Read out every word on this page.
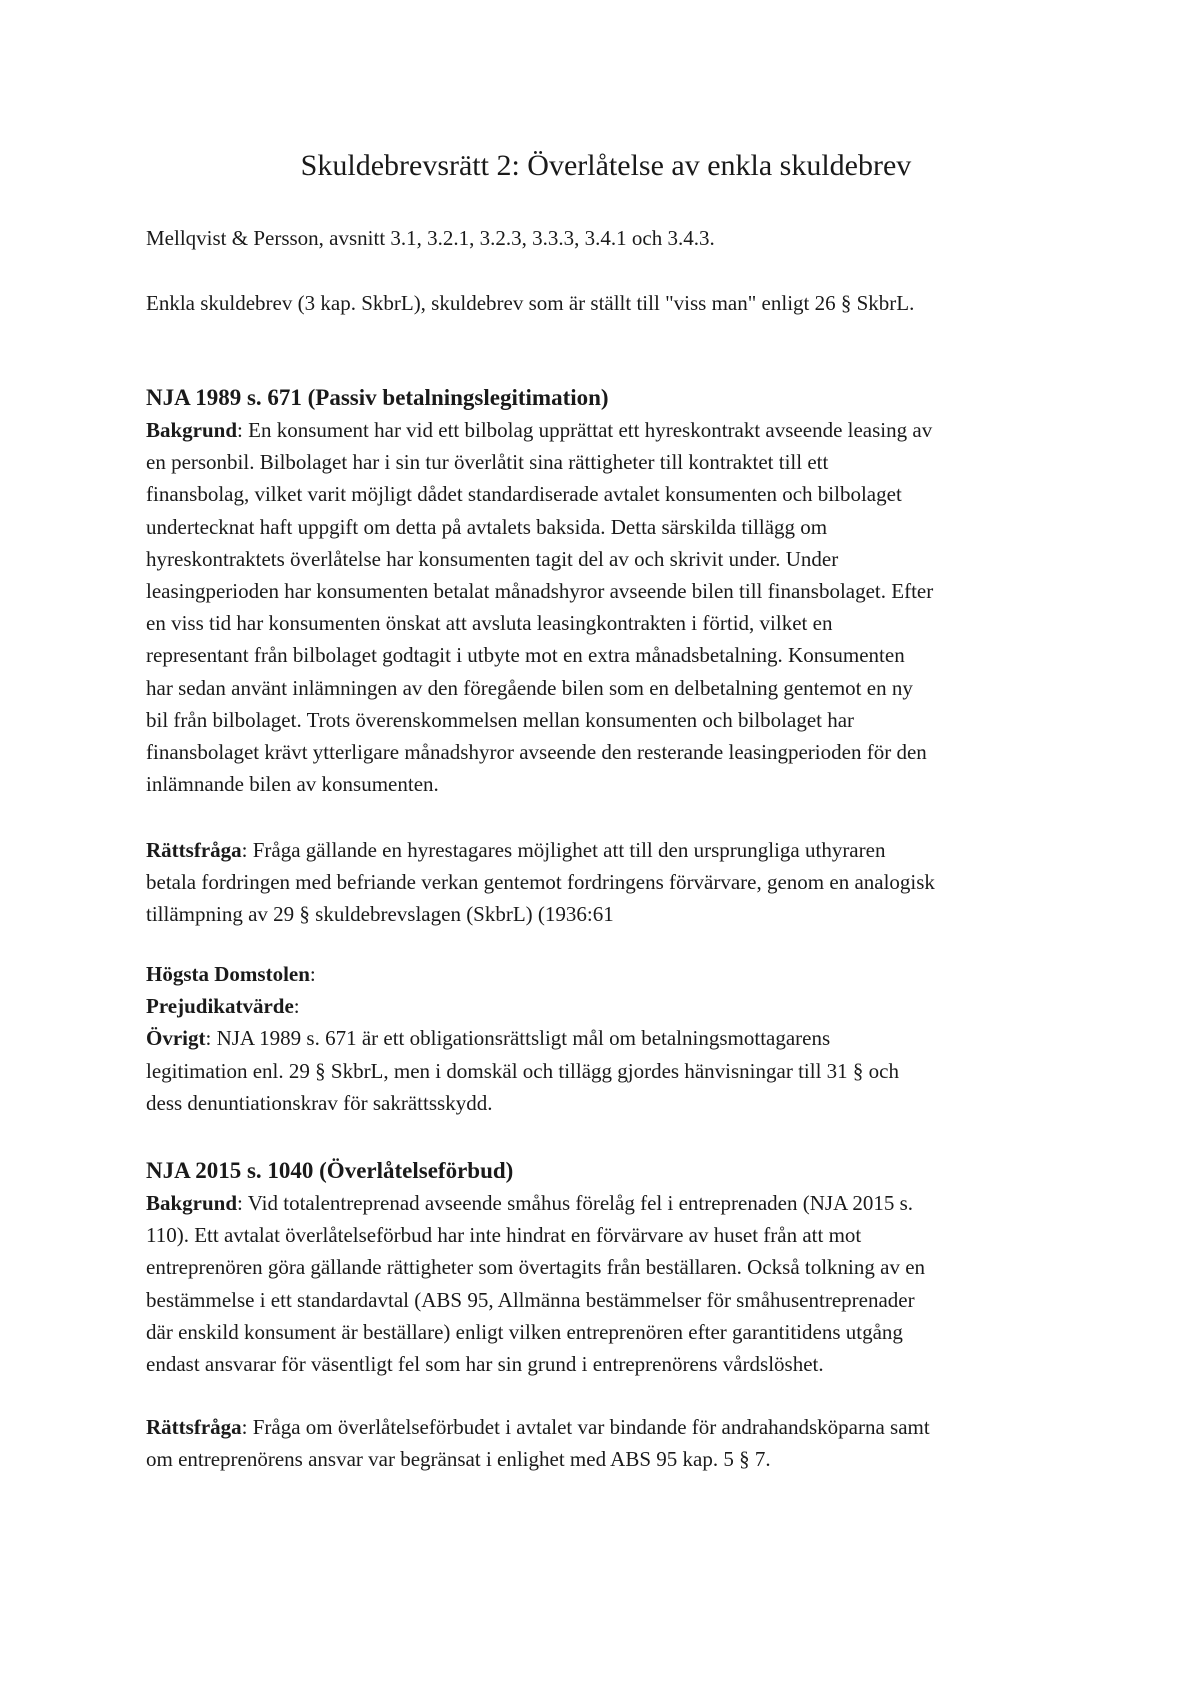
Skuldebrevsrätt 2: Överlåtelse av enkla skuldebrev

Mellqvist & Persson, avsnitt 3.1, 3.2.1, 3.2.3, 3.3.3, 3.4.1 och 3.4.3.

Enkla skuldebrev (3 kap. SkbrL), skuldebrev som är ställt till "viss man" enligt 26 § SkbrL.

NJA 1989 s. 671 (Passiv betalningslegitimation)

Bakgrund: En konsument har vid ett bilbolag upprättat ett hyreskontrakt avseende leasing av
en personbil. Bilbolaget har i sin tur överlåtit sina rättigheter till kontraktet till ett
finansbolag, vilket varit möjligt dådet standardiserade avtalet konsumenten och bilbolaget
undertecknat haft uppgift om detta på avtalets baksida. Detta särskilda tillägg om
hyreskontraktets överlåtelse har konsumenten tagit del av och skrivit under. Under
leasingperioden har konsumenten betalat månadshyror avseende bilen till finansbolaget. Efter
en viss tid har konsumenten önskat att avsluta leasingkontrakten i förtid, vilket en
representant från bilbolaget godtagit i utbyte mot en extra månadsbetalning. Konsumenten
har sedan använt inlämningen av den föregående bilen som en delbetalning gentemot en ny
bil från bilbolaget. Trots överenskommelsen mellan konsumenten och bilbolaget har
finansbolaget krävt ytterligare månadshyror avseende den resterande leasingperioden för den
inlämnande bilen av konsumenten.

Rättsfråga: Fråga gällande en hyrestagares möjlighet att till den ursprungliga uthyraren
betala fordringen med befriande verkan gentemot fordringens förvärvare, genom en analogisk
tillämpning av 29 § skuldebrevslagen (SkbrL) (1936:61

Högsta Domstolen:
Prejudikatvärde:
Övrigt: NJA 1989 s. 671 är ett obligationsrättsligt mål om betalningsmottagarens
legitimation enl. 29 § SkbrL, men i domskäl och tillägg gjordes hänvisningar till 31 § och
dess denuntiationskrav för sakrättsskydd.

NJA 2015 s. 1040 (Överlåtelseförbud)

Bakgrund: Vid totalentreprenad avseende småhus förelåg fel i entreprenaden (NJA 2015 s.
110). Ett avtalat överlåtelseförbud har inte hindrat en förvärvare av huset från att mot
entreprenören göra gällande rättigheter som övertagits från beställaren. Också tolkning av en
bestämmelse i ett standardavtal (ABS 95, Allmänna bestämmelser för småhusentreprenader
där enskild konsument är beställare) enligt vilken entreprenören efter garantitidens utgång
endast ansvarar för väsentligt fel som har sin grund i entreprenörens vårdslöshet.

Rättsfråga: Fråga om överlåtelseförbudet i avtalet var bindande för andrahandsköparna samt
om entreprenörens ansvar var begränsat i enlighet med ABS 95 kap. 5 § 7.
